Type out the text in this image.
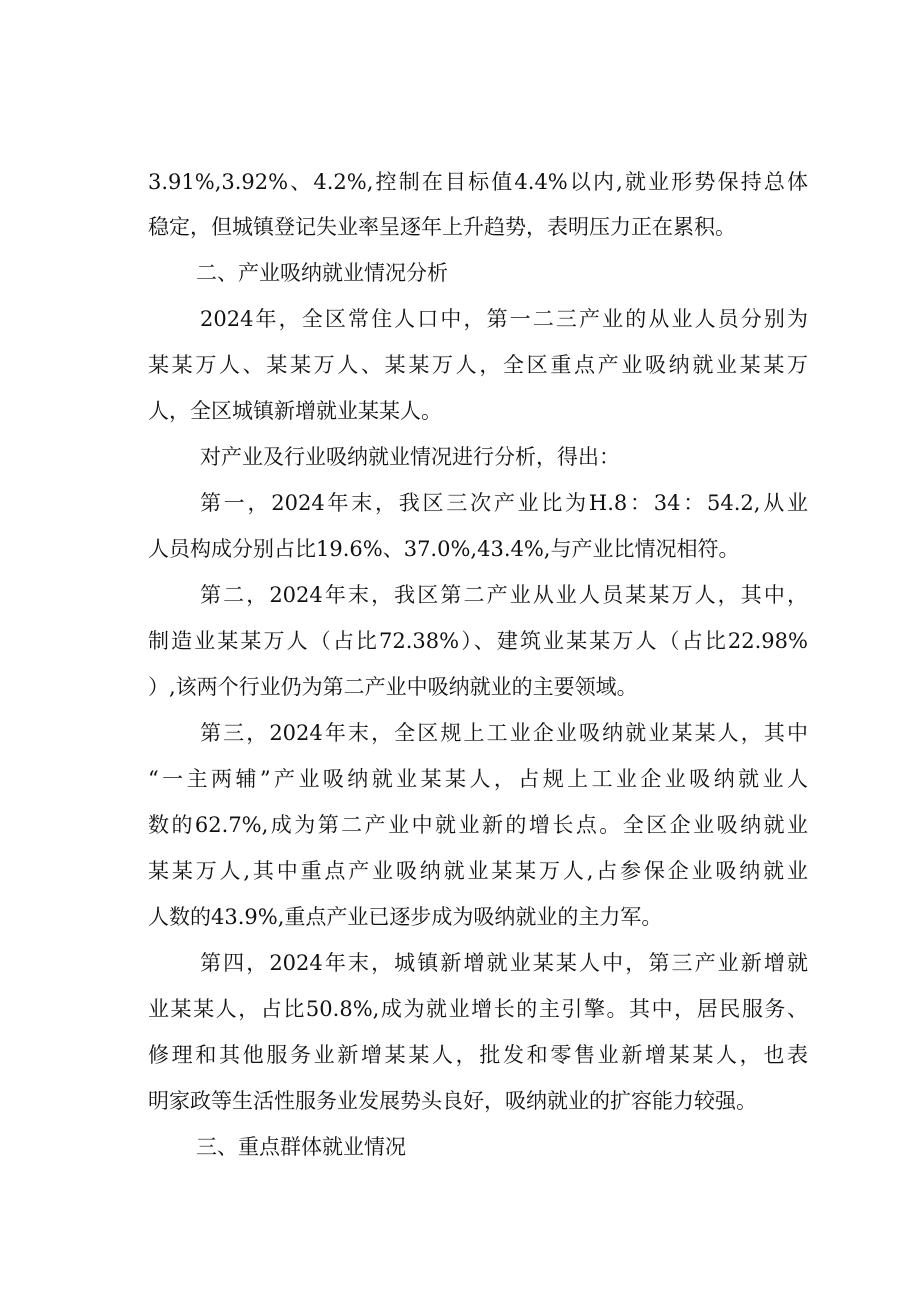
3.91%,3.92%、4.2%,控制在目标值4.4%以内,就业形势保持总体
稳定，但城镇登记失业率呈逐年上升趋势，表明压力正在累积。
二、产业吸纳就业情况分析
2024年，全区常住人口中，第一二三产业的从业人员分别为
某某万人、某某万人、某某万人，全区重点产业吸纳就业某某万
人，全区城镇新增就业某某人。
对产业及行业吸纳就业情况进行分析，得出：
第一，2024年末，我区三次产业比为H.8：34：54.2,从业
人员构成分别占比19.6%、37.0%,43.4%,与产业比情况相符。
第二，2024年末，我区第二产业从业人员某某万人，其中，
制造业某某万人（占比72.38%）、建筑业某某万人（占比22.98%
）,该两个行业仍为第二产业中吸纳就业的主要领域。
第三，2024年末，全区规上工业企业吸纳就业某某人，其中
“一主两辅”产业吸纳就业某某人，占规上工业企业吸纳就业人
数的62.7%,成为第二产业中就业新的增长点。全区企业吸纳就业
某某万人,其中重点产业吸纳就业某某万人,占参保企业吸纳就业
人数的43.9%,重点产业已逐步成为吸纳就业的主力军。
第四，2024年末，城镇新增就业某某人中，第三产业新增就
业某某人，占比50.8%,成为就业增长的主引擎。其中，居民服务、
修理和其他服务业新增某某人，批发和零售业新增某某人，也表
明家政等生活性服务业发展势头良好，吸纳就业的扩容能力较强。
三、重点群体就业情况
